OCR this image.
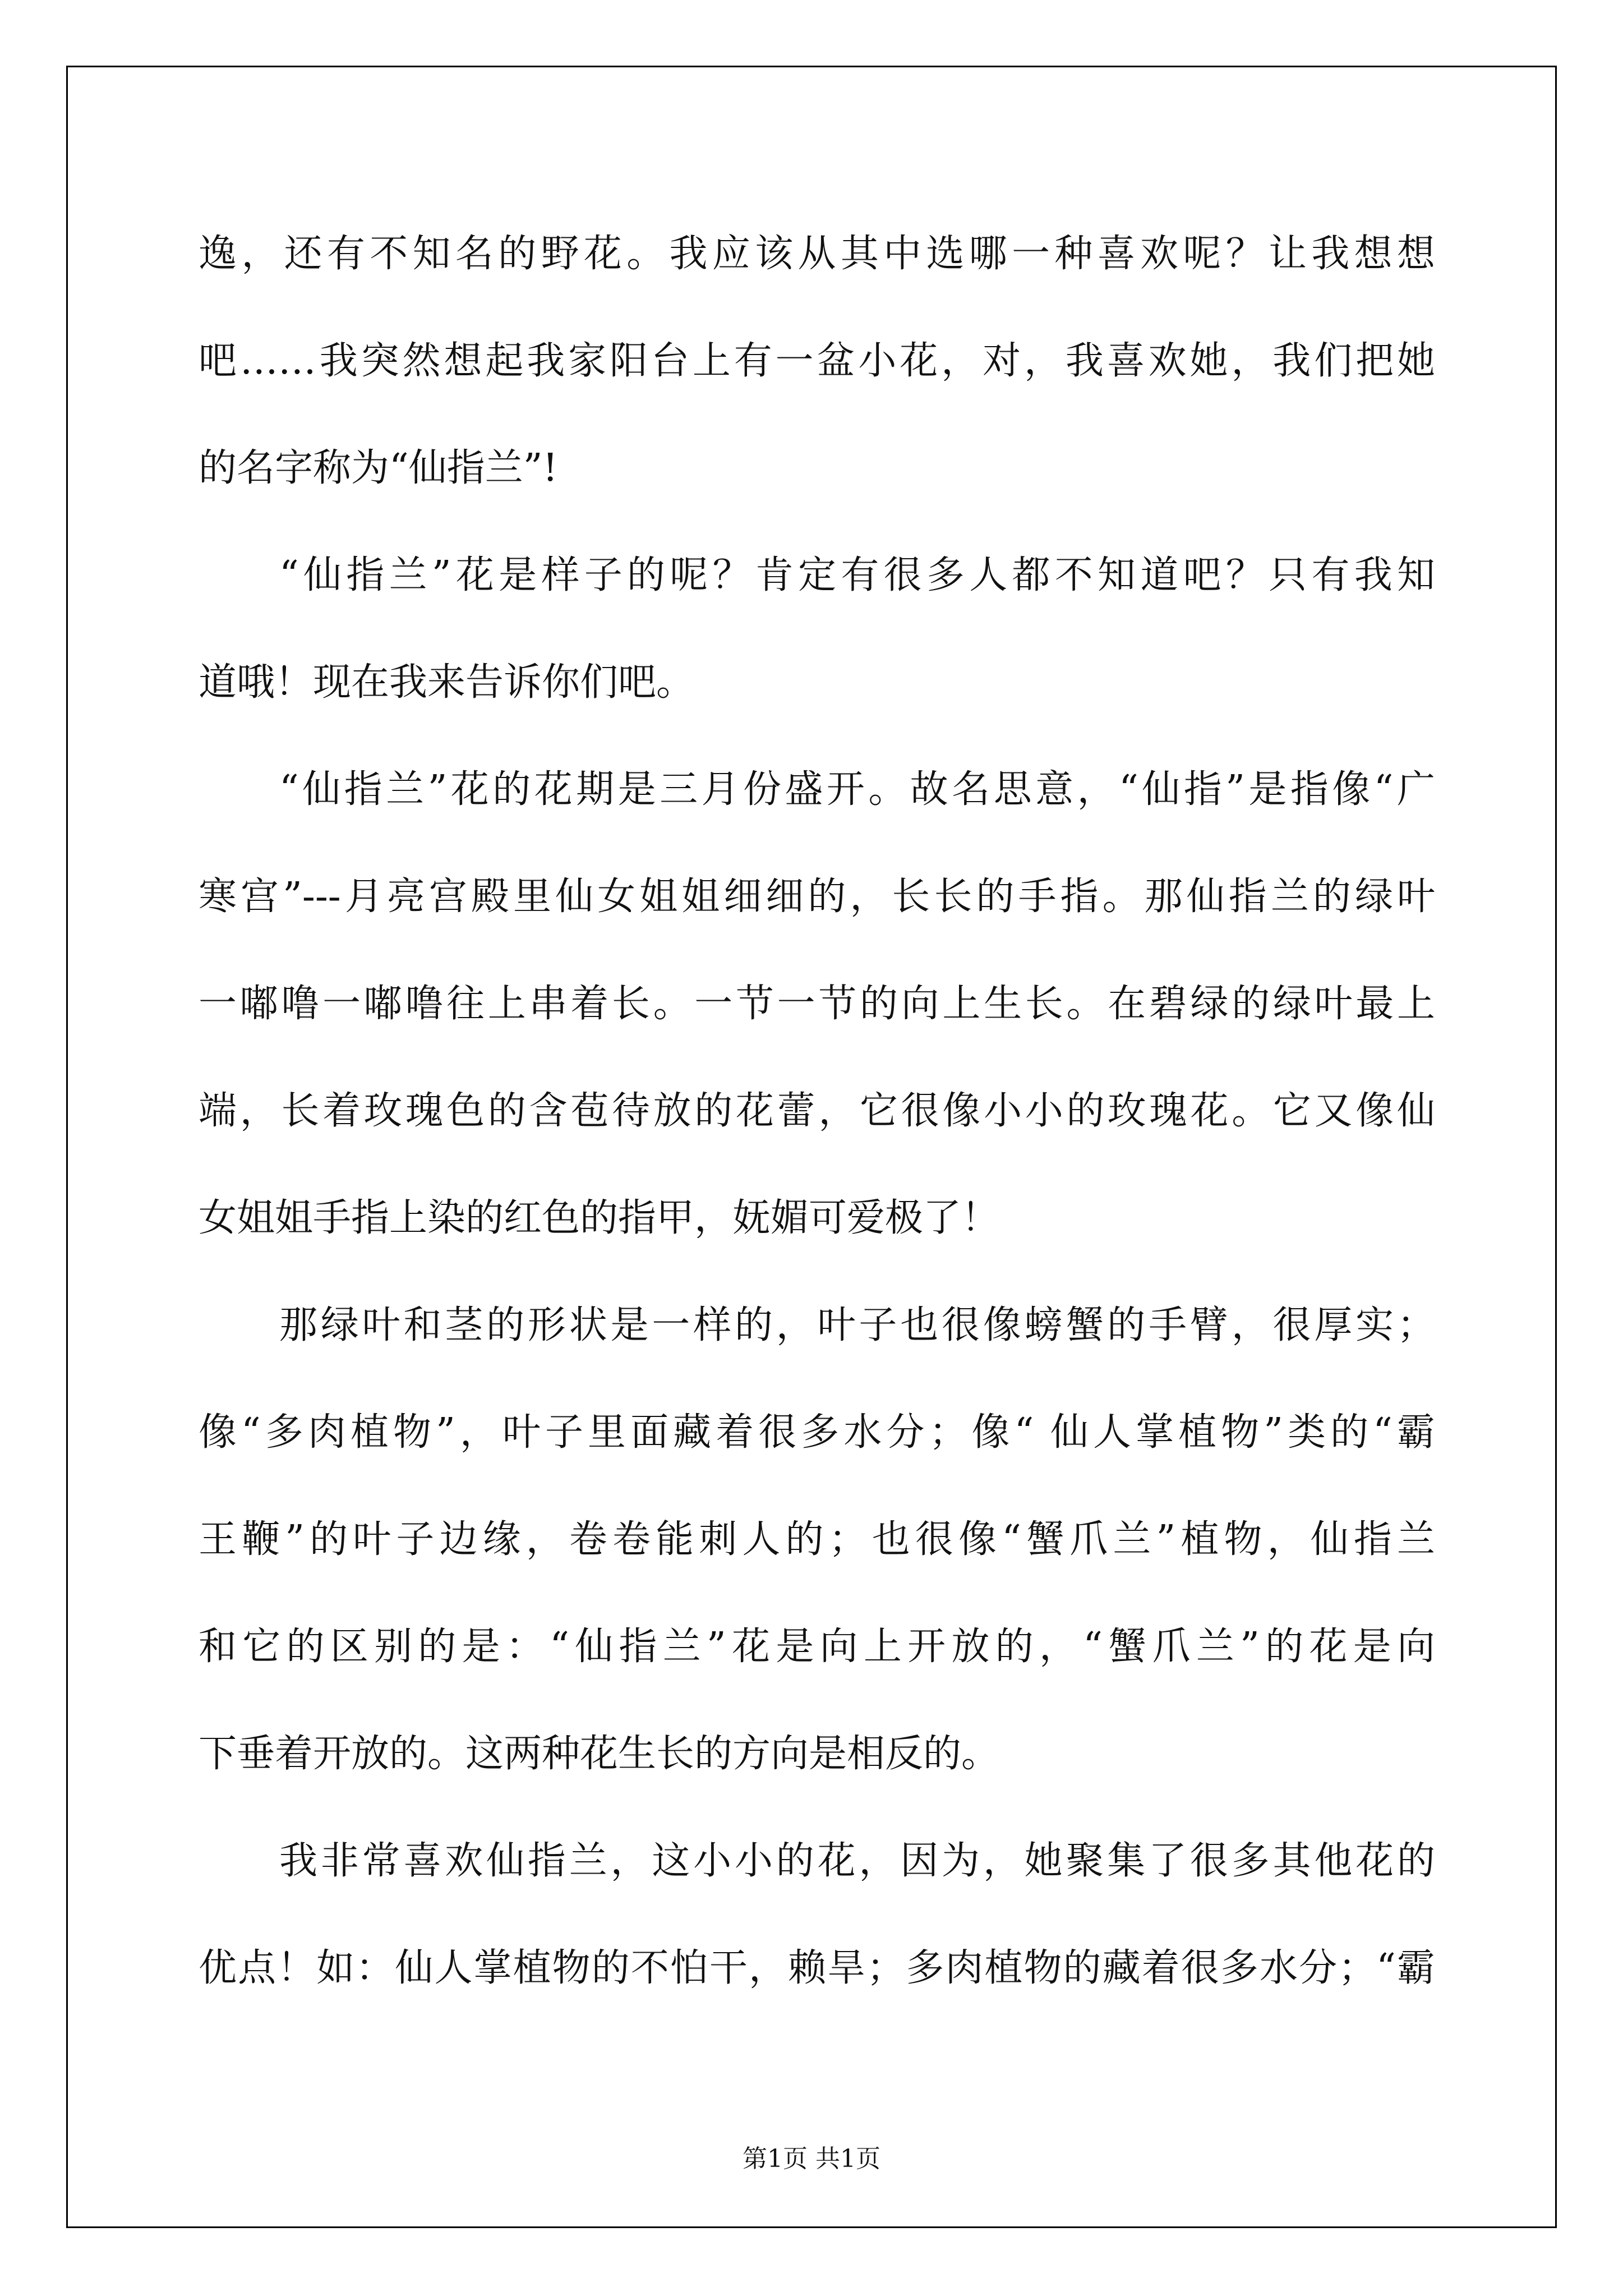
逸，还有不知名的野花。我应该从其中选哪一种喜欢呢？让我想想
吧……我突然想起我家阳台上有一盆小花，对，我喜欢她，我们把她
的名字称为“仙指兰”!
“仙指兰”花是样子的呢？肯定有很多人都不知道吧？只有我知
道哦！现在我来告诉你们吧。
“仙指兰”花的花期是三月份盛开。故名思意，“仙指”是指像“广
寒宫”---月亮宫殿里仙女姐姐细细的，长长的手指。那仙指兰的绿叶
一嘟噜一嘟噜往上串着长。一节一节的向上生长。在碧绿的绿叶最上
端，长着玫瑰色的含苞待放的花蕾，它很像小小的玫瑰花。它又像仙
女姐姐手指上染的红色的指甲，妩媚可爱极了！
那绿叶和茎的形状是一样的，叶子也很像螃蟹的手臂，很厚实；
像“多肉植物”，叶子里面藏着很多水分；像“ 仙人掌植物”类的“霸
王鞭”的叶子边缘，卷卷能刺人的；也很像“蟹爪兰”植物，仙指兰
和它的区别的是：“仙指兰”花是向上开放的，“蟹爪兰”的花是向
下垂着开放的。这两种花生长的方向是相反的。
我非常喜欢仙指兰，这小小的花，因为，她聚集了很多其他花的
优点！如：仙人掌植物的不怕干，赖旱；多肉植物的藏着很多水分；“霸
第1页 共1页
